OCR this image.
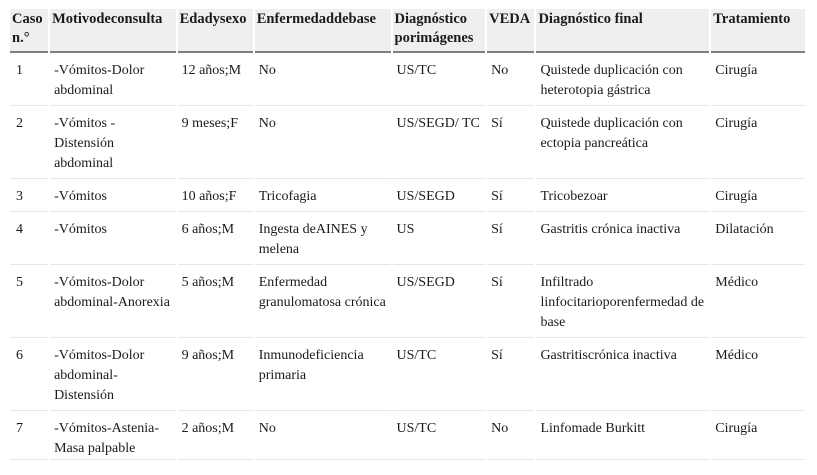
Caso n.°	Motivodeconsulta	Edadysexo	Enfermedaddebase	Diagnóstico porimágenes	VEDA	Diagnóstico final	Tratamiento
1	-Vómitos-Dolor abdominal	12 años;M	No	US/TC	No	Quistede duplicación con heterotopia gástrica	Cirugía
2	-Vómitos -Distensión abdominal	9 meses;F	No	US/SEGD/ TC	Sí	Quistede duplicación con ectopia pancreática	Cirugía
3	-Vómitos	10 años;F	Tricofagia	US/SEGD	Sí	Tricobezoar	Cirugía
4	-Vómitos	6 años;M	Ingesta deAINES y melena	US	Sí	Gastritis crónica inactiva	Dilatación
5	-Vómitos-Dolor abdominal-Anorexia	5 años;M	Enfermedad granulomatosa crónica	US/SEGD	Sí	Infiltrado linfocitarioporenfermedad de base	Médico
6	-Vómitos-Dolor abdominal-Distensión	9 años;M	Inmunodeficiencia primaria	US/TC	Sí	Gastritiscrónica inactiva	Médico
7	-Vómitos-Astenia-Masa palpable	2 años;M	No	US/TC	No	Linfomade Burkitt	Cirugía
